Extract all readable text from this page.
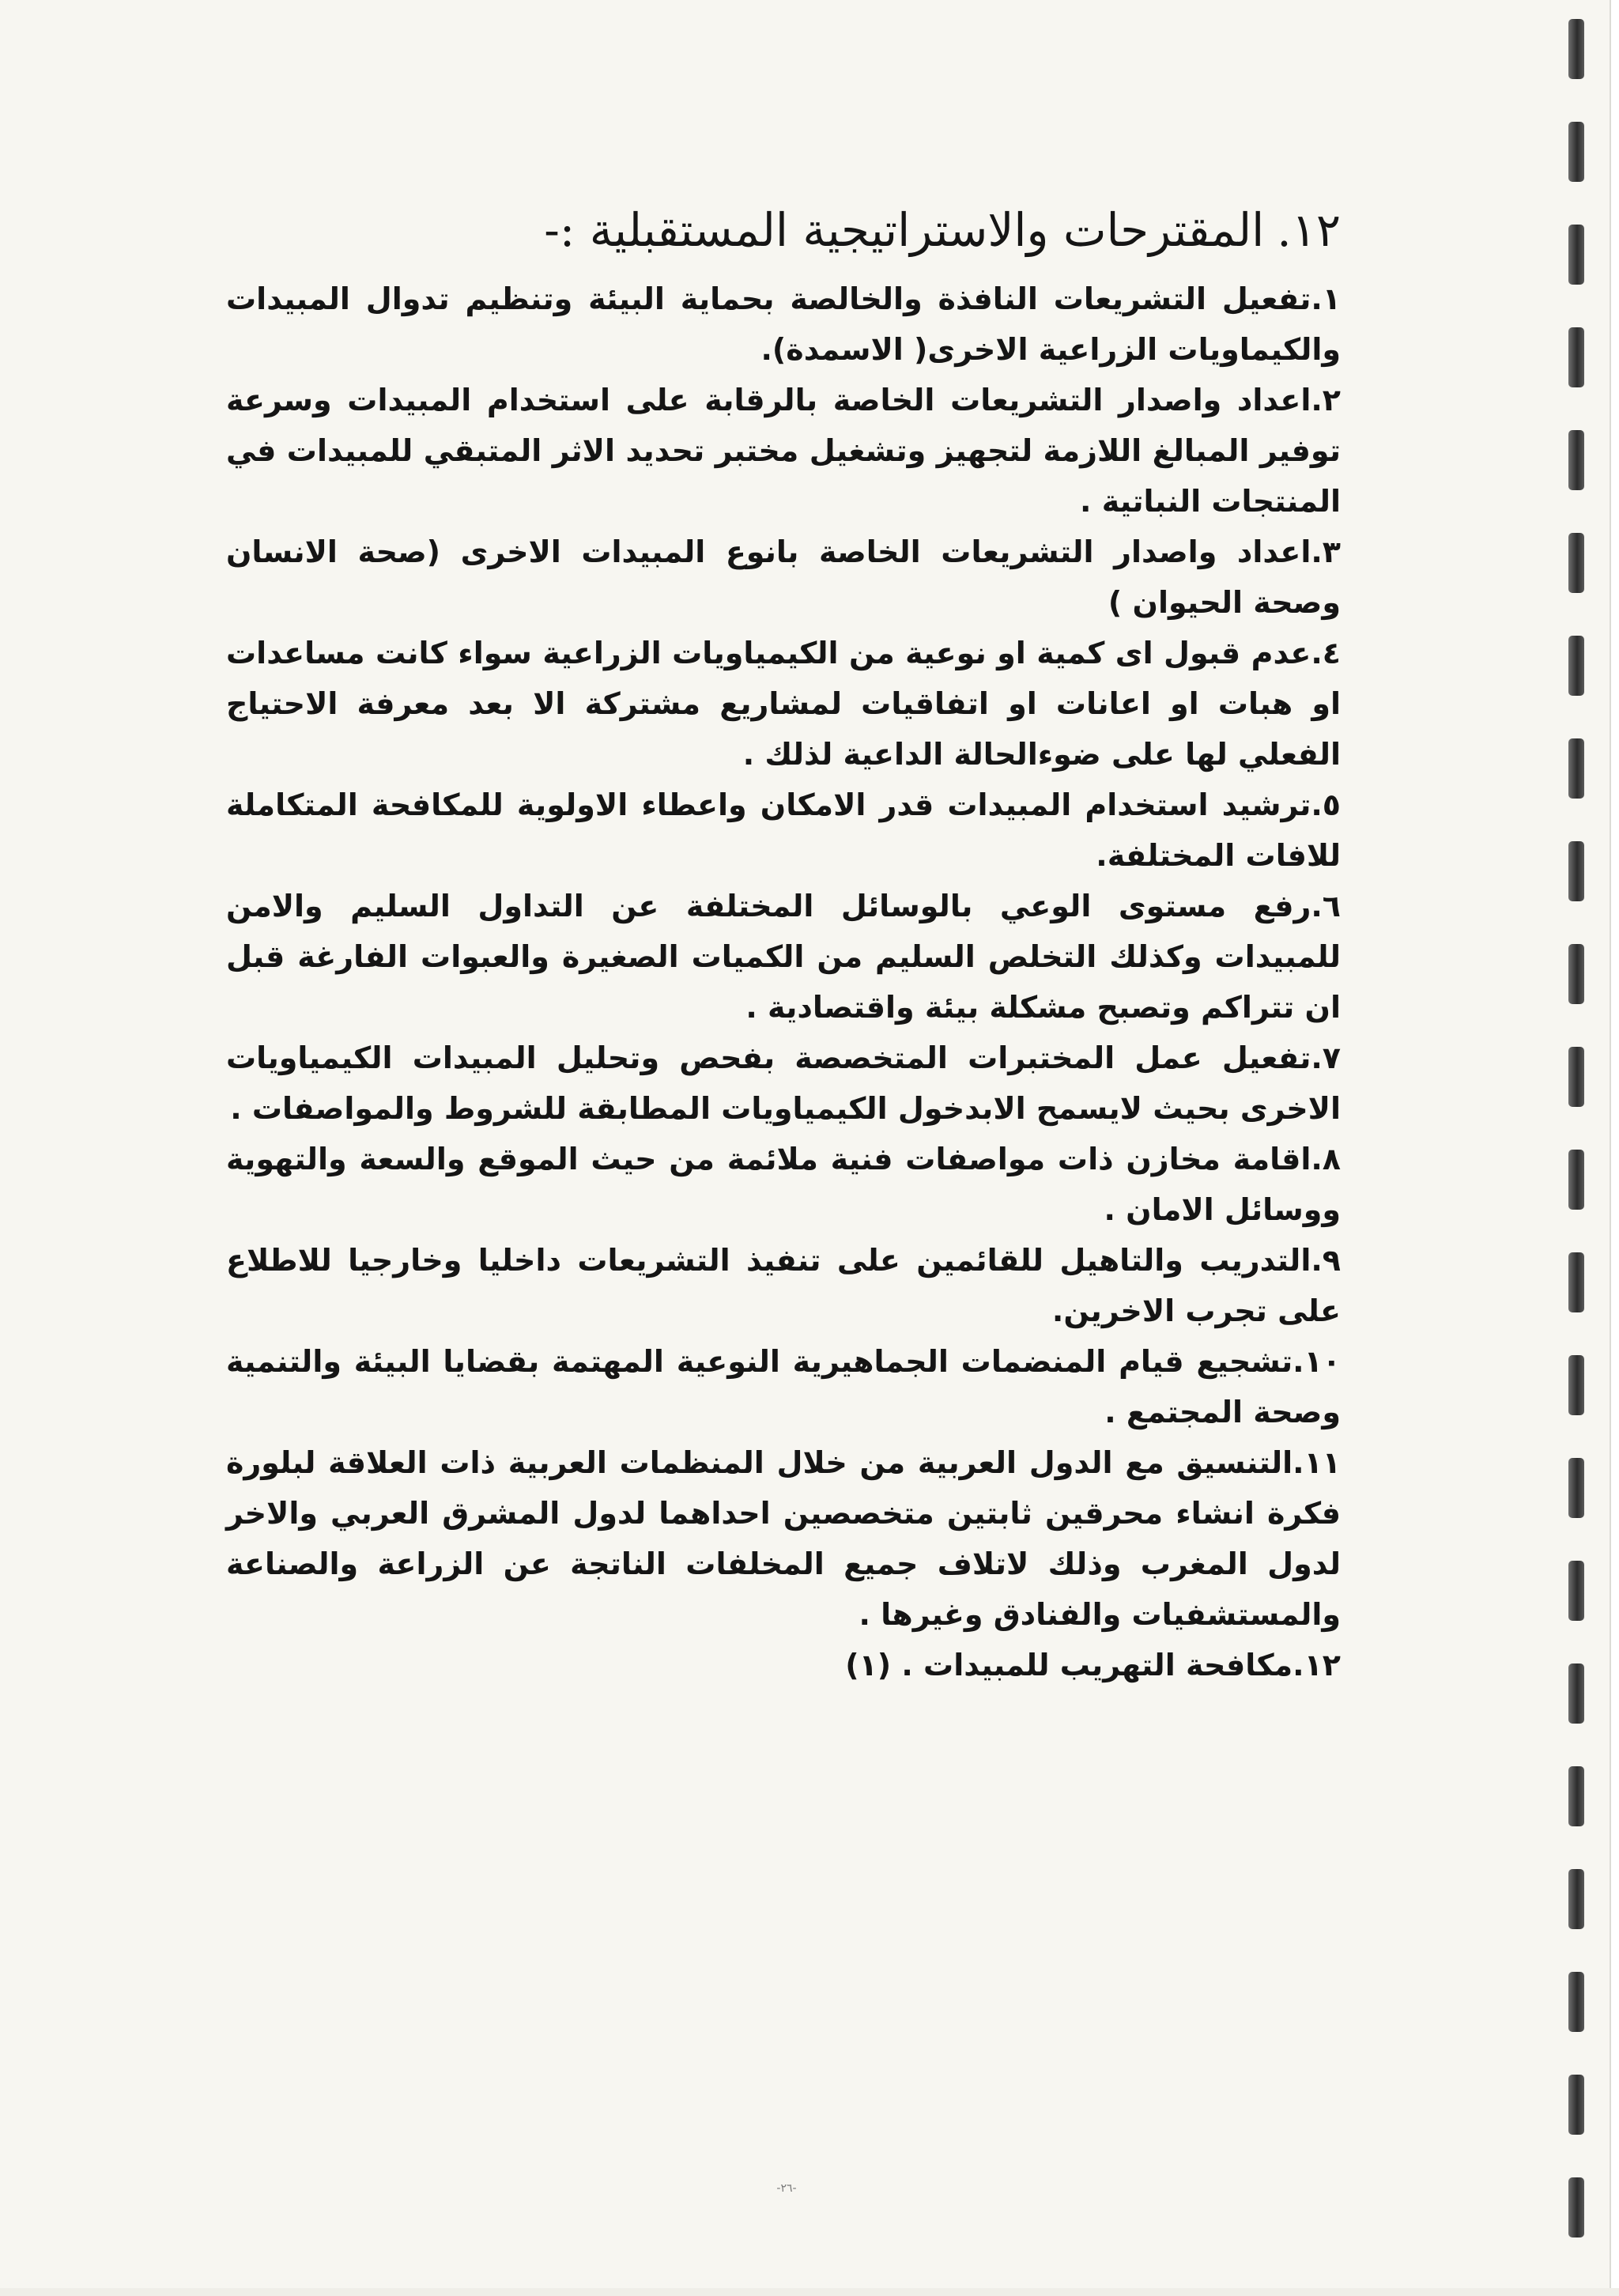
١٢.المقترحات والاستراتيجية المستقبلية :-
١.تفعيل التشريعات النافذة والخالصة بحماية البيئة وتنظيم تدوال المبيدات والكيماويات الزراعية الاخرى( الاسمدة).
٢.اعداد واصدار التشريعات الخاصة بالرقابة على استخدام المبيدات وسرعة توفير المبالغ اللازمة لتجهيز وتشغيل مختبر تحديد الاثر المتبقي للمبيدات في المنتجات النباتية .
٣.اعداد واصدار التشريعات الخاصة بانوع المبيدات الاخرى (صحة الانسان وصحة الحيوان )
٤.عدم قبول اى كمية او نوعية من الكيمياويات الزراعية سواء كانت مساعدات او هبات او اعانات او اتفاقيات لمشاريع مشتركة الا بعد معرفة الاحتياج الفعلي لها على ضوءالحالة الداعية لذلك .
٥.ترشيد استخدام المبيدات قدر الامكان واعطاء الاولوية للمكافحة المتكاملة للافات المختلفة.
٦.رفع مستوى الوعي بالوسائل المختلفة عن التداول السليم والامن للمبيدات وكذلك التخلص السليم من الكميات الصغيرة والعبوات الفارغة قبل ان تتراكم وتصبح مشكلة بيئة واقتصادية .
٧.تفعيل عمل المختبرات المتخصصة بفحص وتحليل المبيدات الكيمياويات الاخرى بحيث لايسمح الابدخول الكيمياويات المطابقة للشروط والمواصفات .
٨.اقامة مخازن ذات مواصفات فنية ملائمة من حيث الموقع والسعة والتهوية ووسائل الامان .
٩.التدريب والتاهيل للقائمين على تنفيذ التشريعات داخليا وخارجيا للاطلاع على تجرب الاخرين.
١٠.تشجيع قيام المنضمات الجماهيرية النوعية المهتمة بقضايا البيئة والتنمية وصحة المجتمع .
١١.التنسيق مع الدول العربية من خلال المنظمات العربية ذات العلاقة لبلورة فكرة انشاء محرقين ثابتين متخصصين احداهما لدول المشرق العربي والاخر لدول المغرب وذلك لاتلاف جميع المخلفات الناتجة عن الزراعة والصناعة والمستشفيات والفنادق وغيرها .
١٢.مكافحة التهريب للمبيدات . (١)
-٢٦-
